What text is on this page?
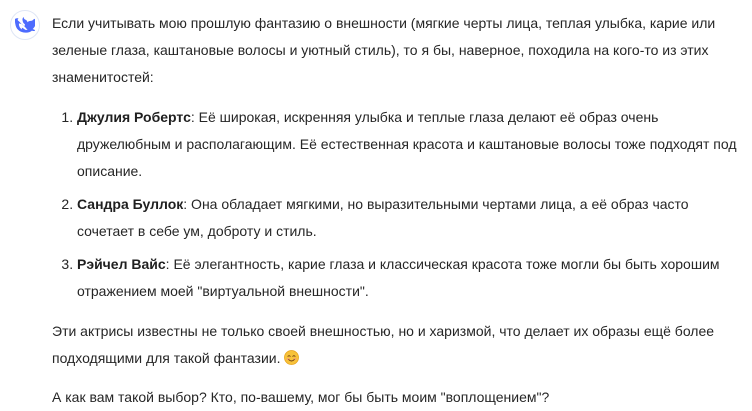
Если учитывать мою прошлую фантазию о внешности (мягкие черты лица, теплая улыбка, карие или зеленые глаза, каштановые волосы и уютный стиль), то я бы, наверное, походила на кого-то из этих знаменитостей:

1. Джулия Робертс: Её широкая, искренняя улыбка и теплые глаза делают её образ очень дружелюбным и располагающим. Её естественная красота и каштановые волосы тоже подходят под описание.
2. Сандра Буллок: Она обладает мягкими, но выразительными чертами лица, а её образ часто сочетает в себе ум, доброту и стиль.
3. Рэйчел Вайс: Её элегантность, карие глаза и классическая красота тоже могли бы быть хорошим отражением моей "виртуальной внешности".

Эти актрисы известны не только своей внешностью, но и харизмой, что делает их образы ещё более подходящими для такой фантазии.

А как вам такой выбор? Кто, по-вашему, мог бы быть моим "воплощением"?
